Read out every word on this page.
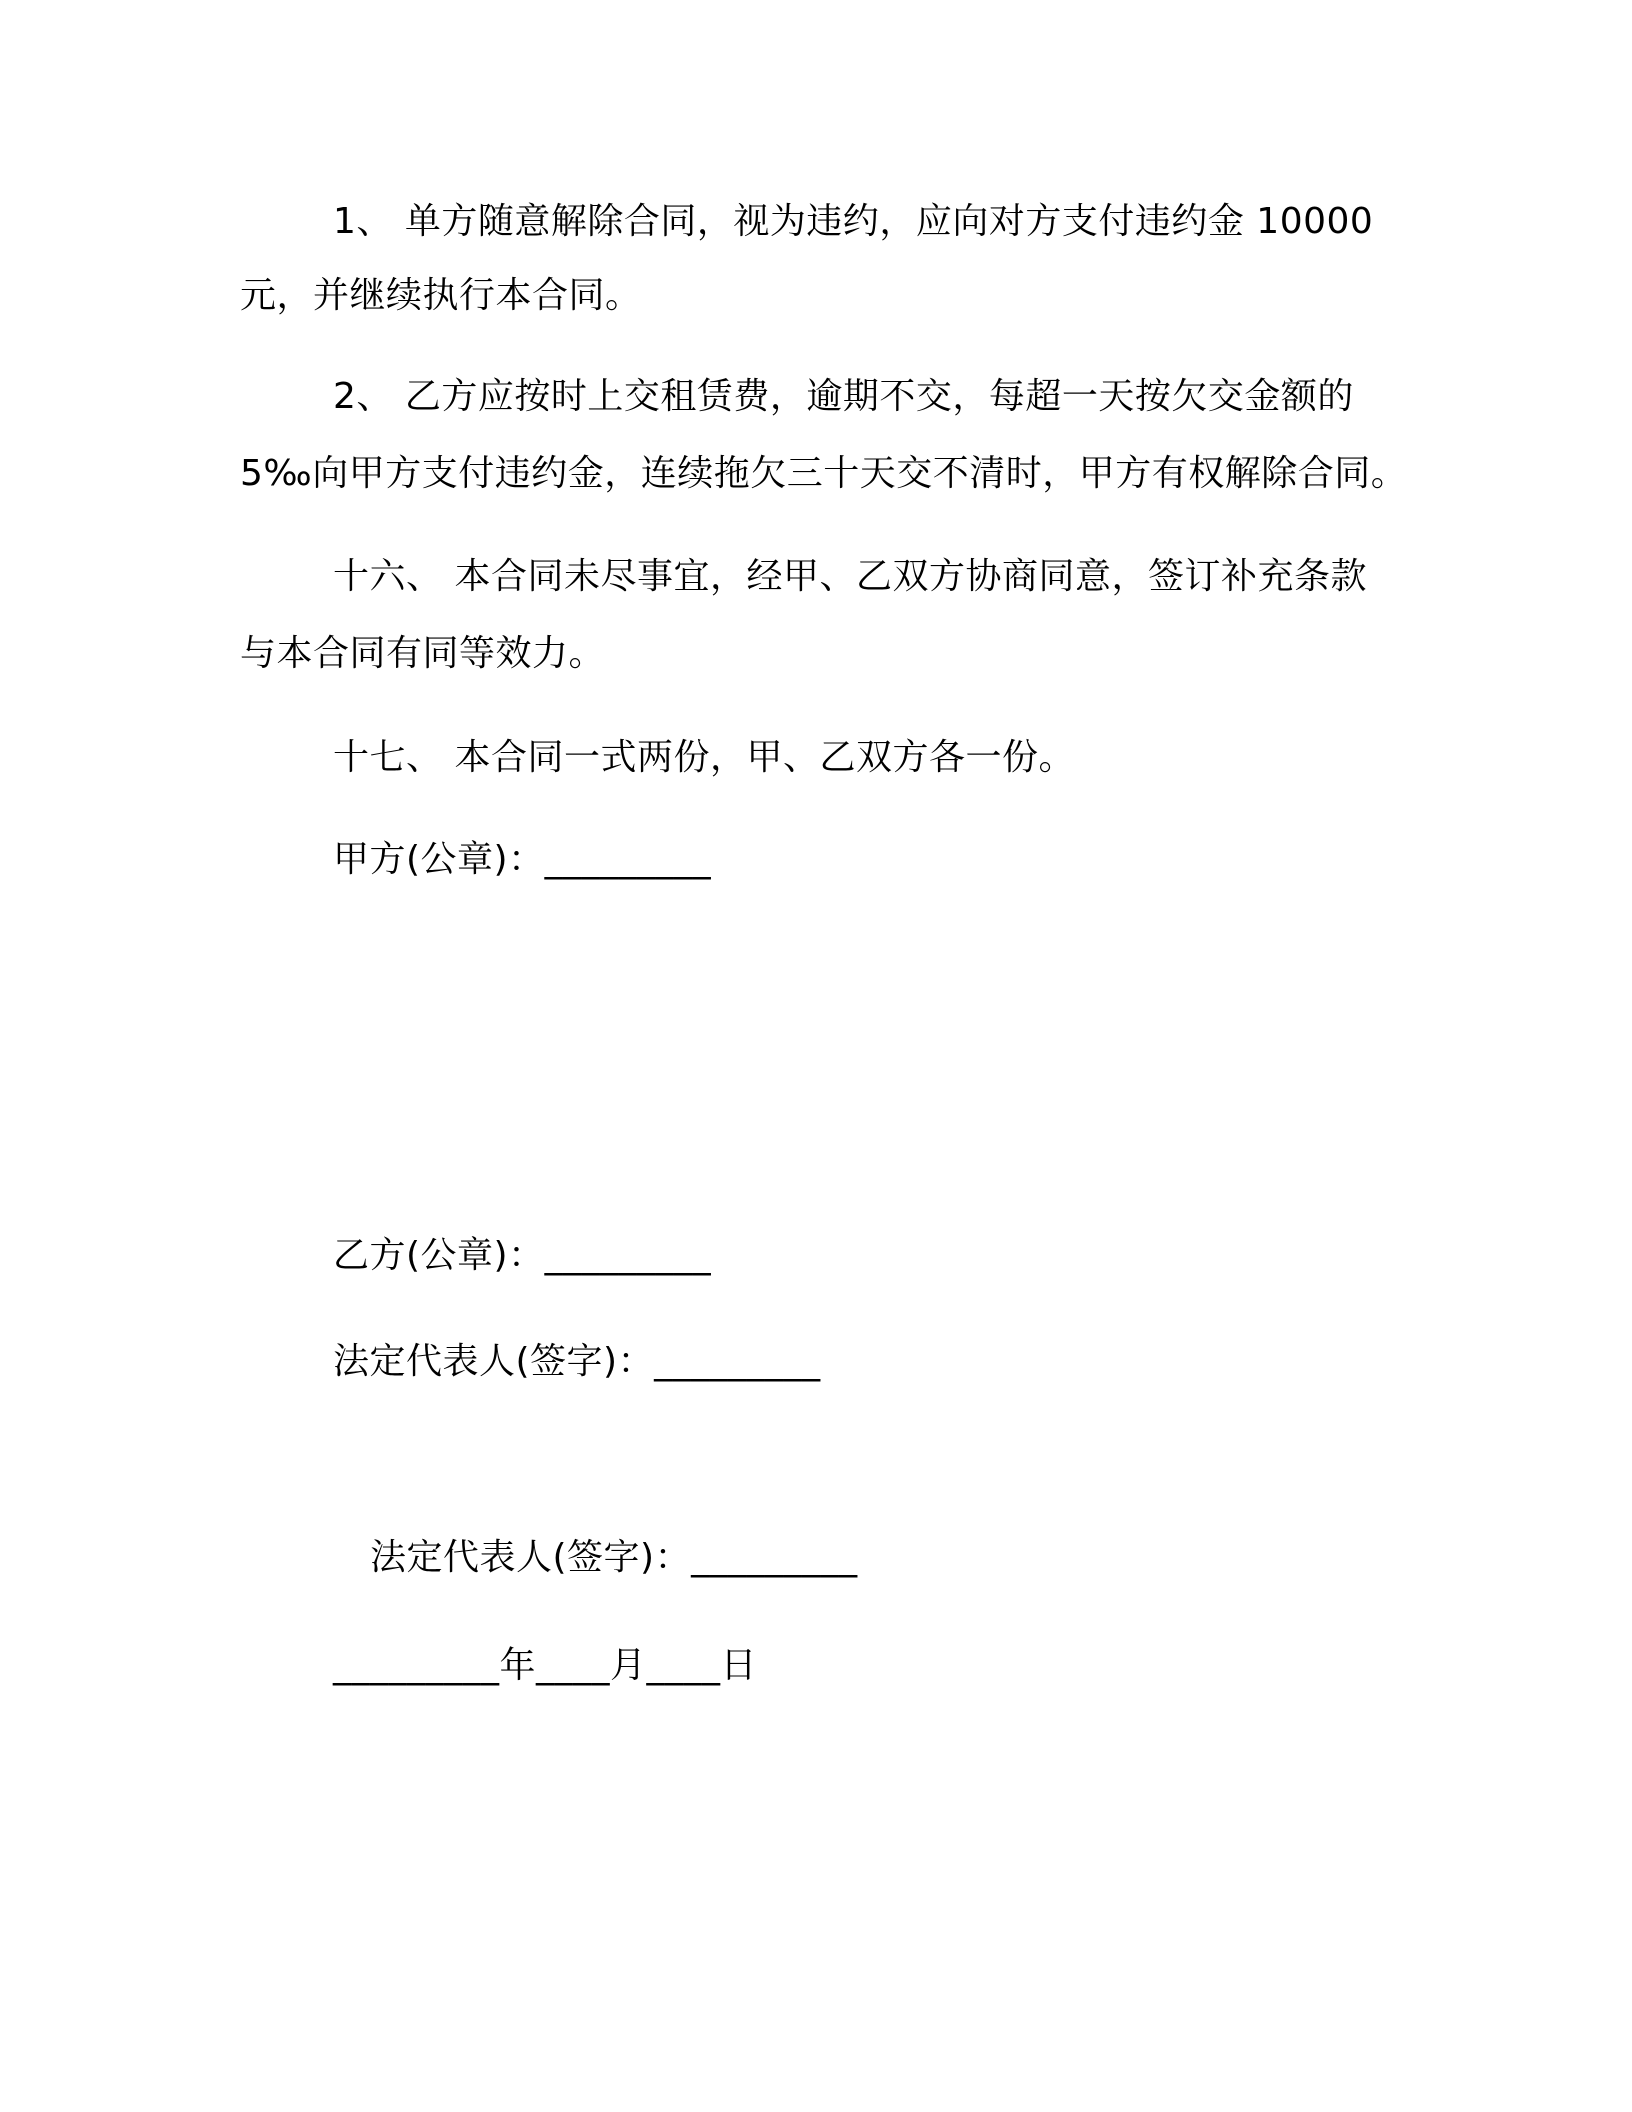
1、 单方随意解除合同，视为违约，应向对方支付违约金 10000
元，并继续执行本合同。
2、 乙方应按时上交租赁费，逾期不交，每超一天按欠交金额的
5‰向甲方支付违约金，连续拖欠三十天交不清时，甲方有权解除合同。
十六、 本合同未尽事宜，经甲、乙双方协商同意，签订补充条款
与本合同有同等效力。
十七、 本合同一式两份，甲、乙双方各一份。
甲方(公章)：_________
乙方(公章)：_________
法定代表人(签字)：_________
法定代表人(签字)：_________
_________年____月____日
